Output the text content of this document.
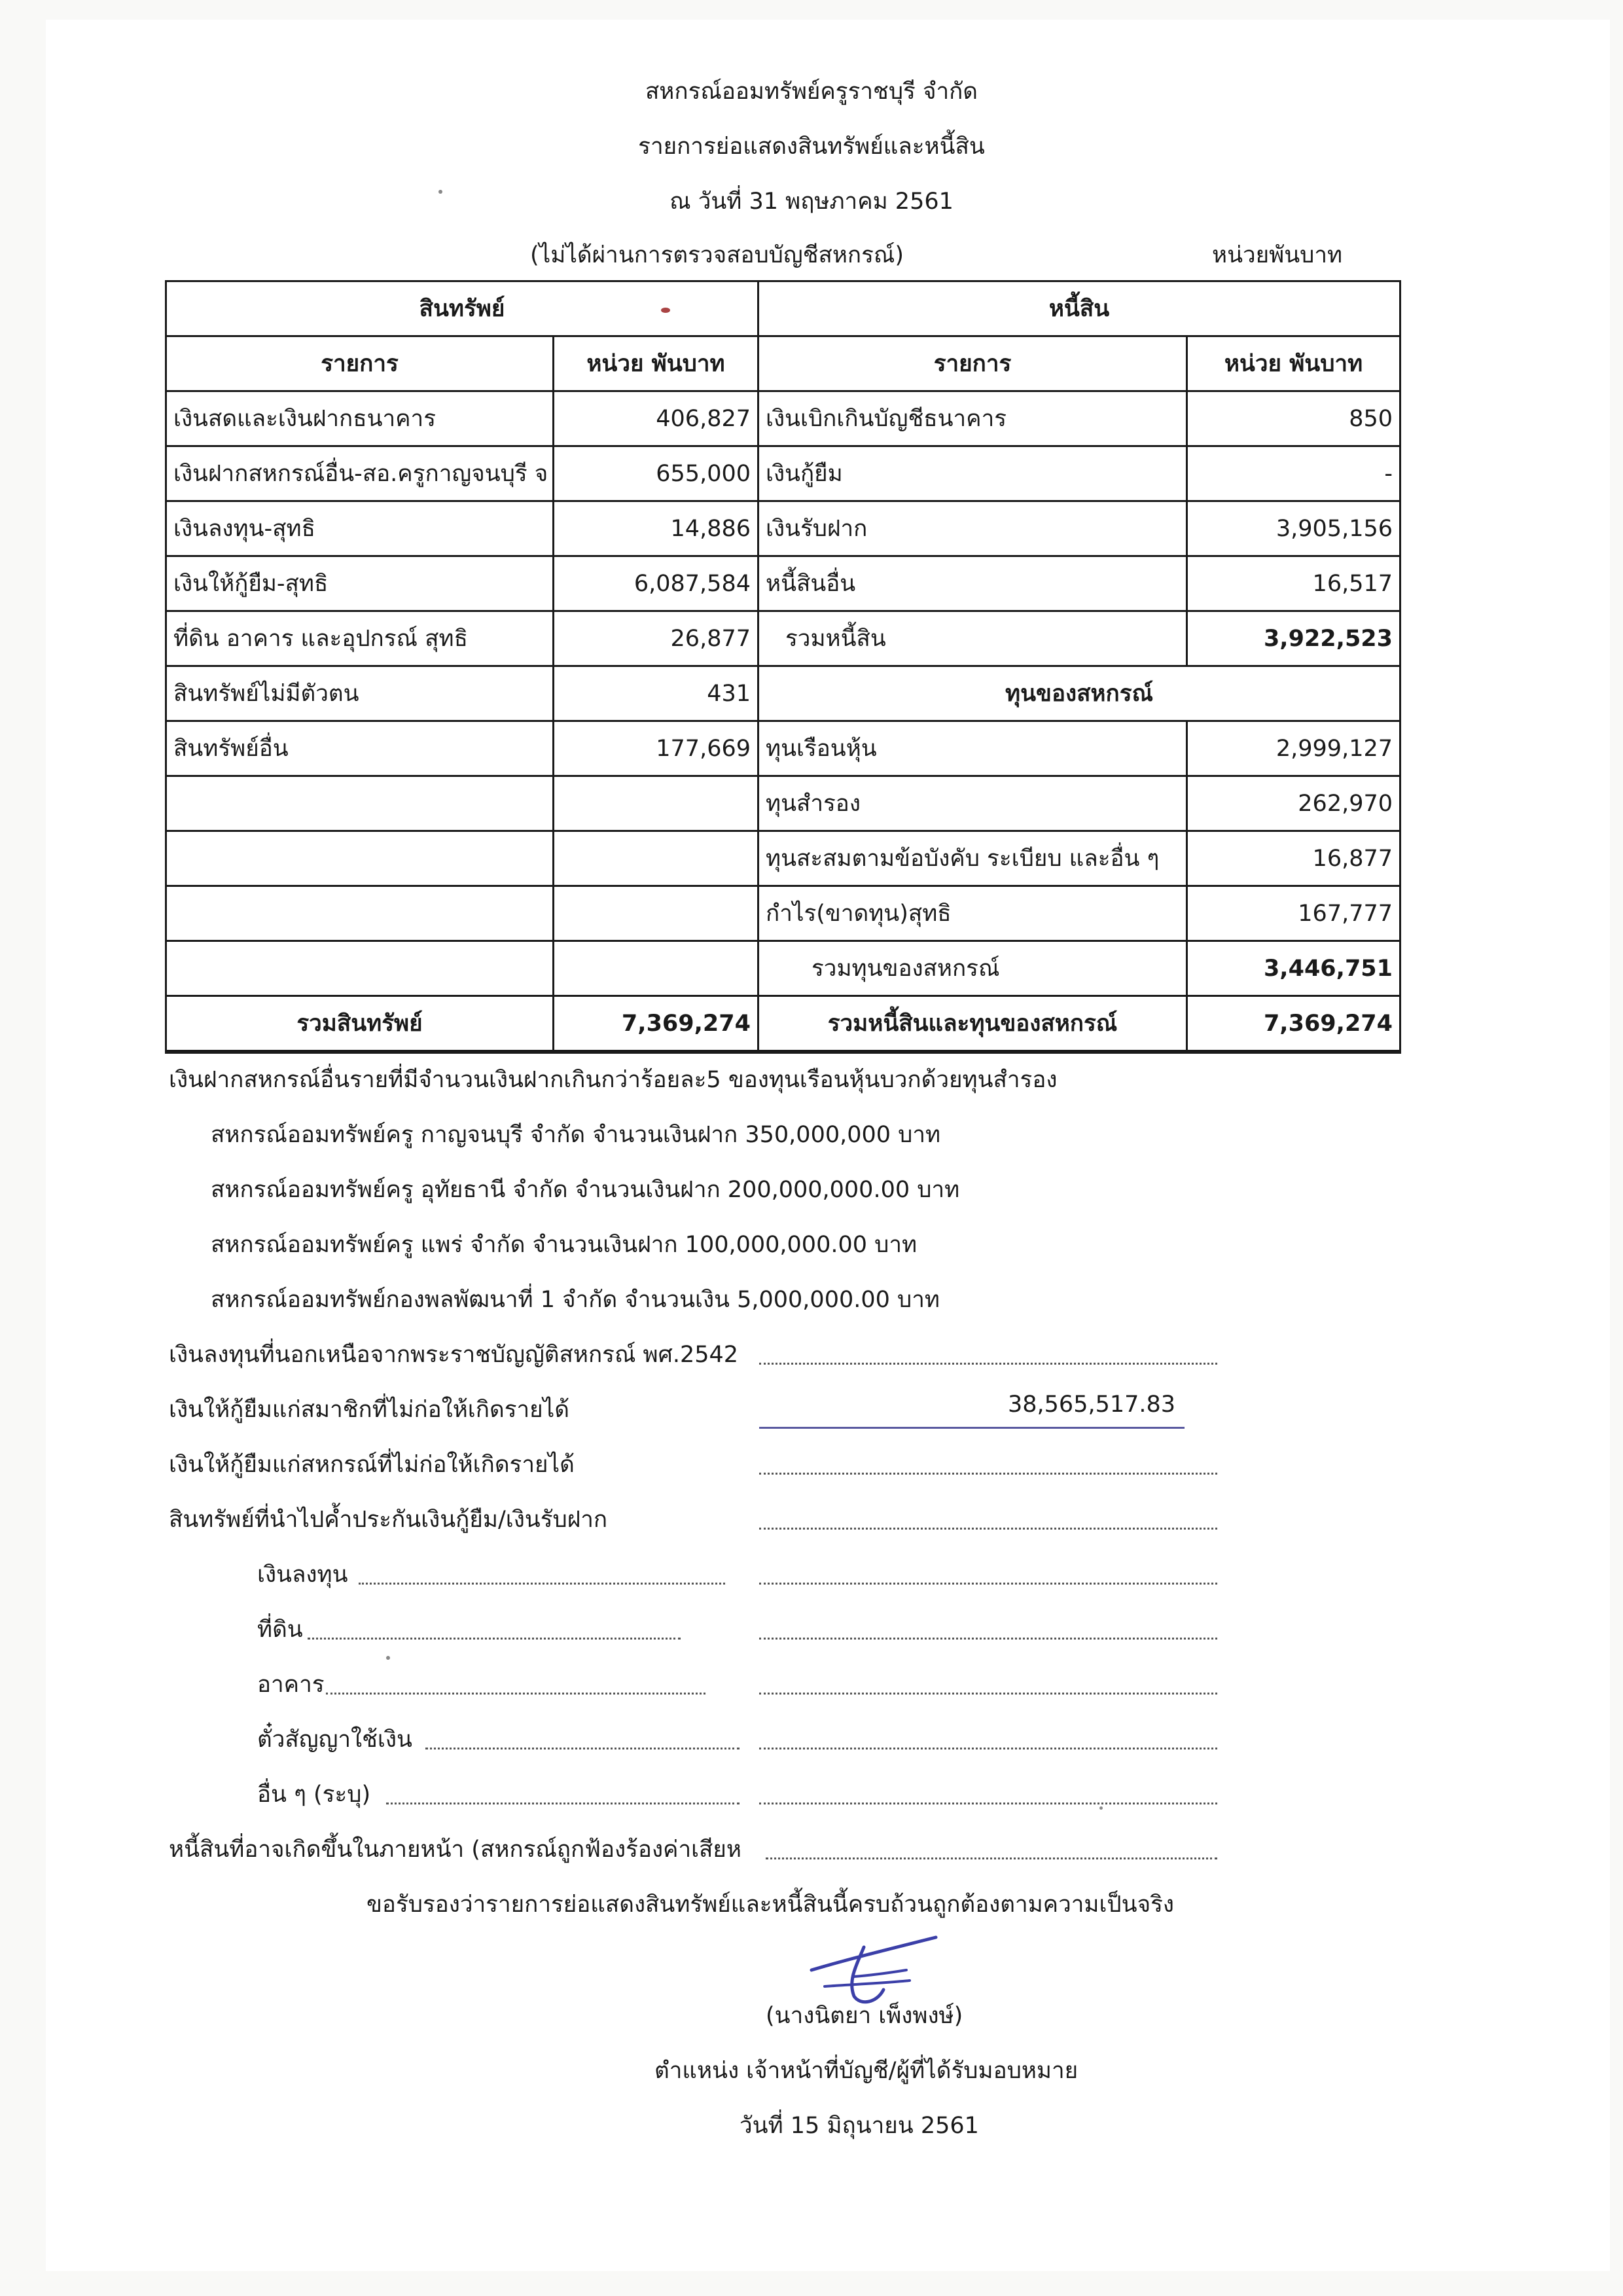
สหกรณ์ออมทรัพย์ครูราชบุรี จำกัด
รายการย่อแสดงสินทรัพย์และหนี้สิน
ณ วันที่ 31 พฤษภาคม 2561
(ไม่ได้ผ่านการตรวจสอบบัญชีสหกรณ์)	หน่วยพันบาท
สินทรัพย์		หนี้สิน	
รายการ	หน่วย พันบาท	รายการ	หน่วย พันบาท
เงินสดและเงินฝากธนาคาร	406,827	เงินเบิกเกินบัญชีธนาคาร	850
เงินฝากสหกรณ์อื่น-สอ.ครูกาญจนบุรี จ	655,000	เงินกู้ยืม	-
เงินลงทุน-สุทธิ	14,886	เงินรับฝาก	3,905,156
เงินให้กู้ยืม-สุทธิ	6,087,584	หนี้สินอื่น	16,517
ที่ดิน อาคาร และอุปกรณ์ สุทธิ	26,877	รวมหนี้สิน	3,922,523
สินทรัพย์ไม่มีตัวตน	431	ทุนของสหกรณ์	
สินทรัพย์อื่น	177,669	ทุนเรือนหุ้น	2,999,127
		ทุนสำรอง	262,970
		ทุนสะสมตามข้อบังคับ ระเบียบ และอื่น ๆ	16,877
		กำไร(ขาดทุน)สุทธิ	167,777
		รวมทุนของสหกรณ์	3,446,751
รวมสินทรัพย์	7,369,274	รวมหนี้สินและทุนของสหกรณ์	7,369,274
เงินฝากสหกรณ์อื่นรายที่มีจำนวนเงินฝากเกินกว่าร้อยละ5 ของทุนเรือนหุ้นบวกด้วยทุนสำรอง
สหกรณ์ออมทรัพย์ครู กาญจนบุรี จำกัด จำนวนเงินฝาก 350,000,000 บาท
สหกรณ์ออมทรัพย์ครู อุทัยธานี จำกัด จำนวนเงินฝาก 200,000,000.00 บาท
สหกรณ์ออมทรัพย์ครู แพร่ จำกัด จำนวนเงินฝาก 100,000,000.00 บาท
สหกรณ์ออมทรัพย์กองพลพัฒนาที่ 1 จำกัด จำนวนเงิน 5,000,000.00 บาท
เงินลงทุนที่นอกเหนือจากพระราชบัญญัติสหกรณ์ พศ.2542
เงินให้กู้ยืมแก่สมาชิกที่ไม่ก่อให้เกิดรายได้	38,565,517.83
เงินให้กู้ยืมแก่สหกรณ์ที่ไม่ก่อให้เกิดรายได้
สินทรัพย์ที่นำไปค้ำประกันเงินกู้ยืม/เงินรับฝาก
เงินลงทุน
ที่ดิน
อาคาร
ตั๋วสัญญาใช้เงิน
อื่น ๆ (ระบุ)
หนี้สินที่อาจเกิดขึ้นในภายหน้า (สหกรณ์ถูกฟ้องร้องค่าเสียห
ขอรับรองว่ารายการย่อแสดงสินทรัพย์และหนี้สินนี้ครบถ้วนถูกต้องตามความเป็นจริง
(นางนิตยา เพ็งพงษ์)
ตำแหน่ง เจ้าหน้าที่บัญชี/ผู้ที่ได้รับมอบหมาย
วันที่ 15 มิถุนายน 2561
